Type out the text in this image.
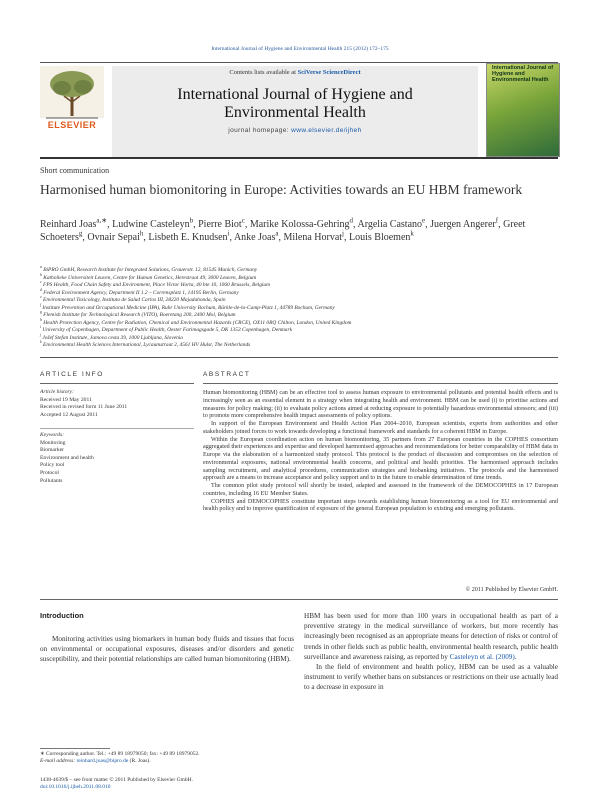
International Journal of Hygiene and Environmental Health 215 (2012) 172–175
Contents lists available at SciVerse ScienceDirect
International Journal of Hygiene and
Environmental Health
journal homepage: www.elsevier.de/ijheh
ELSEVIER
International Journal of Hygiene and Environmental Health
Short communication
Harmonised human biomonitoring in Europe: Activities towards an EU HBM framework
Reinhard Joas$^{a,∗}$, Ludwine Casteleyn$^b$, Pierre Biot$^c$, Marike Kolossa-Gehring$^d$, Argelia Castano$^e$, Juergen Angerer$^f$, Greet Schoeters$^g$, Ovnair Sepai$^h$, Lisbeth E. Knudsen$^i$, Anke Joas$^a$, Milena Horvat$^j$, Louis Bloemen$^k$

$^a$ BiPRO GmbH, Research Institute for Integrated Solutions, Grauerstr. 12, 81545 Munich, Germany

$^b$ Katholieke Universiteit Leuven, Centre for Human Genetics, Herestraat 49, 3000 Leuven, Belgium

$^c$ FPS Health, Food Chain Safety and Environment, Place Victor Horta, 40 bte 10, 1060 Brussels, Belgium

$^d$ Federal Environment Agency, Department II 1.2 – Corrensplatz 1, 14195 Berlin, Germany

$^e$ Environmental Toxicology, Instituto de Salud Carlos III, 28220 Majadahonda, Spain

$^f$ Institute Prevention and Occupational Medicine (IPA), Ruhr University Bochum, Bürkle-de-la-Camp-Platz 1, 44789 Bochum, Germany

$^g$ Flemish Institute for Technological Research (VITO), Boeretang 200, 2400 Mol, Belgium

$^h$ Health Protection Agency, Centre for Radiation, Chemical and Environmental Hazards (CRCE), OX11 0RQ Chilton, London, United Kingdom

$^i$ University of Copenhagen, Department of Public Health, Oester Farimagsgade 5, DK 1353 Copenhagen, Denmark

$^j$ Jožef Stefan Institute, Jamova cesta 39, 1000 Ljubljana, Slovenia

$^k$ Environmental Health Sciences International, Lycaumstraat 2, 4561 HV Hulst, The Netherlands

ARTICLE INFO	ABSTRACT
Article history:
Received 19 May 2011
Received in revised form 11 June 2011
Accepted 12 August 2011
Keywords:
Monitoring
Biomarker
Environment and health
Policy tool
Protocol
Pollutants

Human biomonitoring (HBM) can be an effective tool to assess human exposure to environmental pollutants and potential health effects and is increasingly seen as an essential element in a strategy when integrating health and environment. HBM can be used (i) to prioritise actions and measures for policy making; (ii) to evaluate policy actions aimed at reducing exposure to potentially hazardous environmental stressors; and (iii) to promote more comprehensive health impact assessments of policy options.

In support of the European Environment and Health Action Plan 2004–2010, European scientists, experts from authorities and other stakeholders joined forces to work towards developing a functional framework and standards for a coherent HBM in Europe.

Within the European coordination action on human biomonitoring, 35 partners from 27 European countries in the COPHES consortium aggregated their experiences and expertise and developed harmonised approaches and recommendations for better comparability of HBM data in Europe via the elaboration of a harmonized study protocol. This protocol is the product of discussion and compromises on the selection of environmental exposures, national environmental health concerns, and political and health priorities. The harmonised approach includes sampling recruitment, and analytical procedures, communication strategies and biobanking initiatives. The protocols and the harmonised approach are a means to increase acceptance and policy support and to in the future to enable determination of time trends.

The common pilot study protocol will shortly be tested, adapted and assessed in the framework of the DEMOCOPHES in 17 European countries, including 16 EU Member States.

COPHES and DEMOCOPHES constitute important steps towards establishing human biomonitoring as a tool for EU environmental and health policy and to improve quantification of exposure of the general European population to existing and emerging pollutants.

© 2011 Published by Elsevier GmbH.
Introduction

Monitoring activities using biomarkers in human body fluids and tissues that focus on environmental or occupational exposures, diseases and/or disorders and genetic susceptibility, and their potential relationships are called human biomonitoring (HBM).

HBM has been used for more than 100 years in occupational health as part of a preventive strategy in the medical surveillance of workers, but more recently has increasingly been recognised as an appropriate means for detection of risks or control of trends in other fields such as public health, environmental health research, public health surveillance and awareness raising, as reported by Casteleyn et al. (2009).

In the field of environment and health policy, HBM can be used as a valuable instrument to verify whether bans on substances or restrictions on their use actually lead to a decrease in exposure in

∗ Corresponding author. Tel.: +49 89 18979050; fax: +49 89 18979052.
E-mail address: reinhard.joas@bipro.de (R. Joas).
1438-4639/$ – see front matter © 2011 Published by Elsevier GmbH.
doi:10.1016/j.ijheh.2011.08.010
